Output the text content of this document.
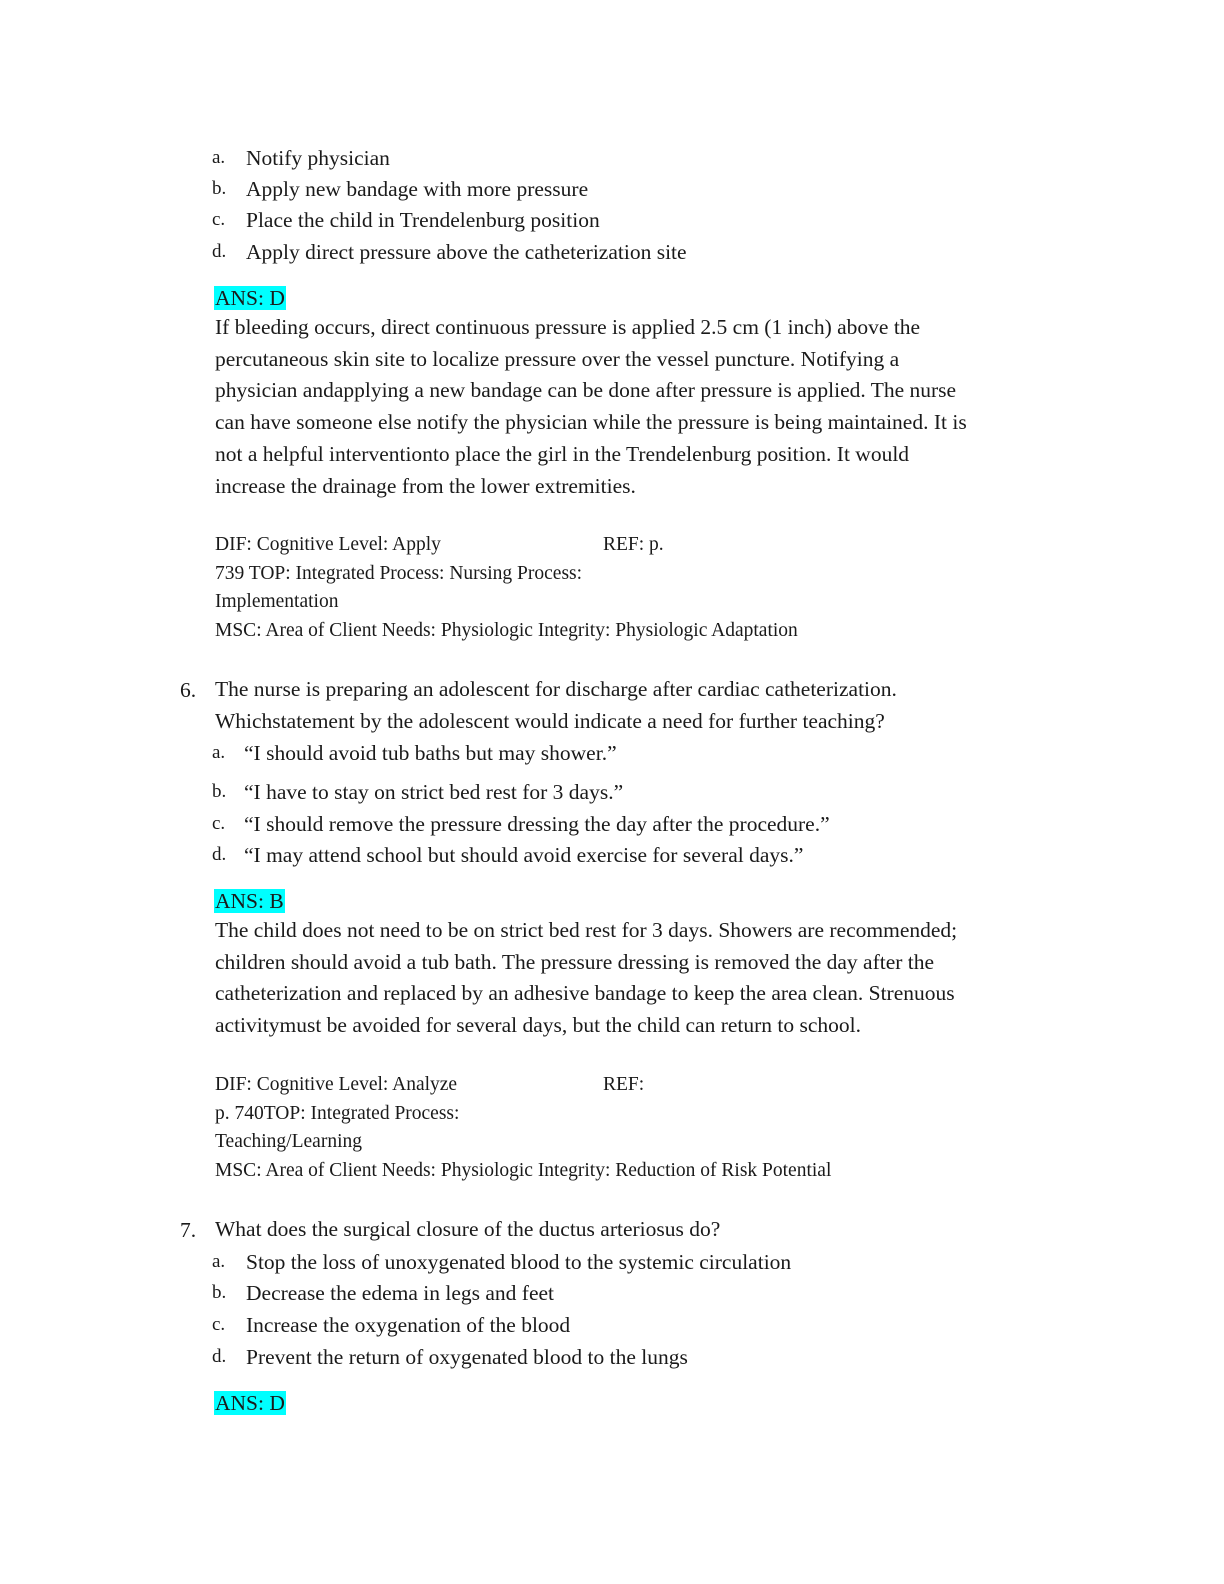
a. Notify physician
b. Apply new bandage with more pressure
c. Place the child in Trendelenburg position
d. Apply direct pressure above the catheterization site
ANS: D
If bleeding occurs, direct continuous pressure is applied 2.5 cm (1 inch) above the
percutaneous skin site to localize pressure over the vessel puncture. Notifying a
physician andapplying a new bandage can be done after pressure is applied. The nurse
can have someone else notify the physician while the pressure is being maintained. It is
not a helpful interventionto place the girl in the Trendelenburg position. It would
increase the drainage from the lower extremities.
DIF: Cognitive Level: Apply	REF: p.
739 TOP: Integrated Process: Nursing Process:
Implementation
MSC: Area of Client Needs: Physiologic Integrity: Physiologic Adaptation
6. The nurse is preparing an adolescent for discharge after cardiac catheterization.
Whichstatement by the adolescent would indicate a need for further teaching?
a. “I should avoid tub baths but may shower.”
b. “I have to stay on strict bed rest for 3 days.”
c. “I should remove the pressure dressing the day after the procedure.”
d. “I may attend school but should avoid exercise for several days.”
ANS: B
The child does not need to be on strict bed rest for 3 days. Showers are recommended;
children should avoid a tub bath. The pressure dressing is removed the day after the
catheterization and replaced by an adhesive bandage to keep the area clean. Strenuous
activitymust be avoided for several days, but the child can return to school.
DIF: Cognitive Level: Analyze	REF:
p. 740TOP: Integrated Process:
Teaching/Learning
MSC: Area of Client Needs: Physiologic Integrity: Reduction of Risk Potential
7. What does the surgical closure of the ductus arteriosus do?
a. Stop the loss of unoxygenated blood to the systemic circulation
b. Decrease the edema in legs and feet
c. Increase the oxygenation of the blood
d. Prevent the return of oxygenated blood to the lungs
ANS: D
